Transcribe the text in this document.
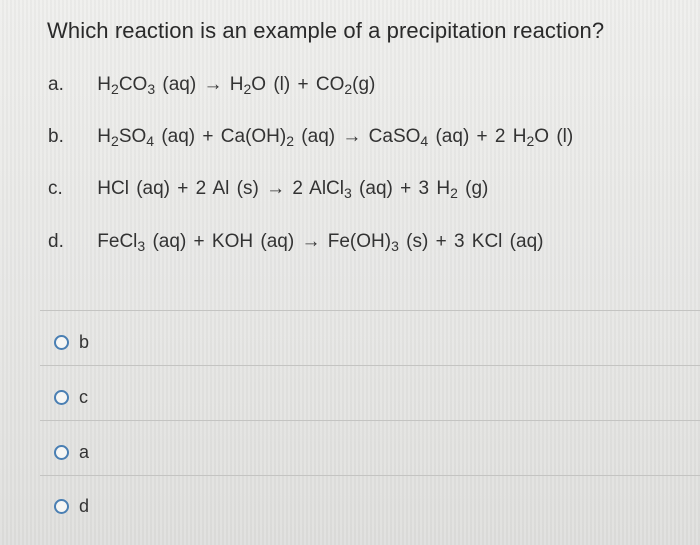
Which reaction is an example of a precipitation reaction?
a. $H_2CO_3$ $(aq) \to H_2O$ $(l) + CO_2(g)$
b. $H_2SO_4$ $(aq) + Ca(OH)_2$ (aq) → CaSO$_4$ (aq) + 2 $H_2O$ (l)
c. HCl (aq) + 2 Al (s) → 2 AlCl$_3$ (aq) + 3 $H_2$ (g)
d. FeCl$_3$ (aq) + KOH $(aq) \to Fe(OH)_3$ (s) + 3 KCl (aq)
b
c
a
d
